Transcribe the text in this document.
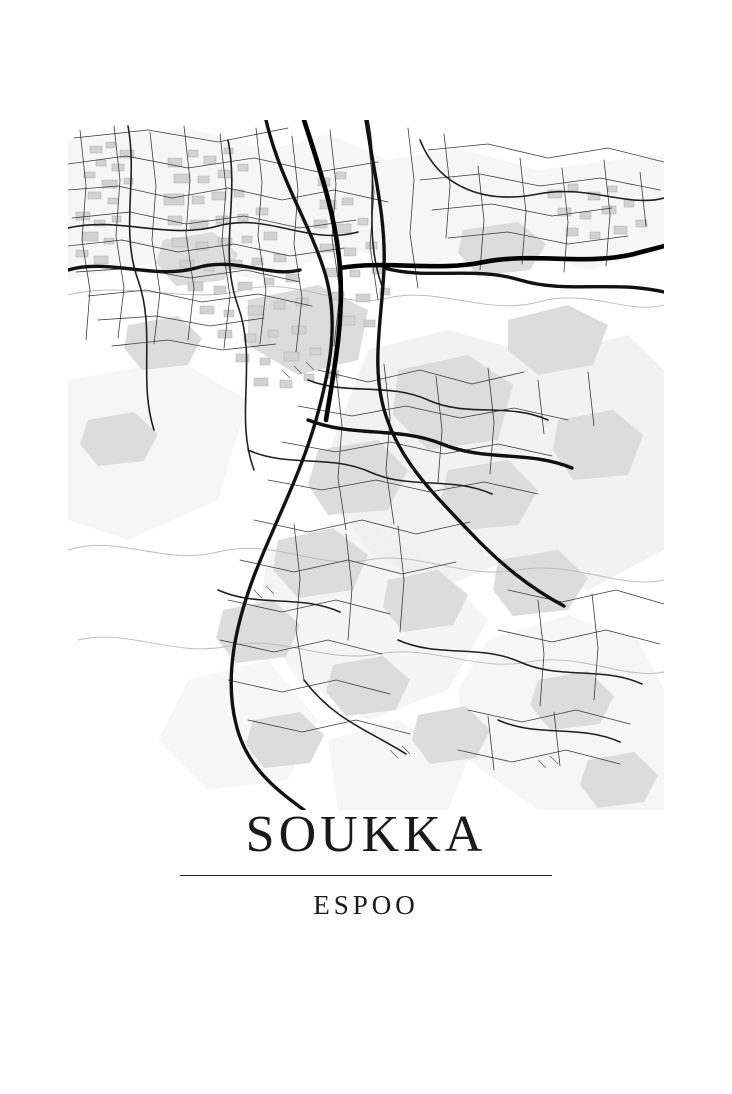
SOUKKA
ESPOO
